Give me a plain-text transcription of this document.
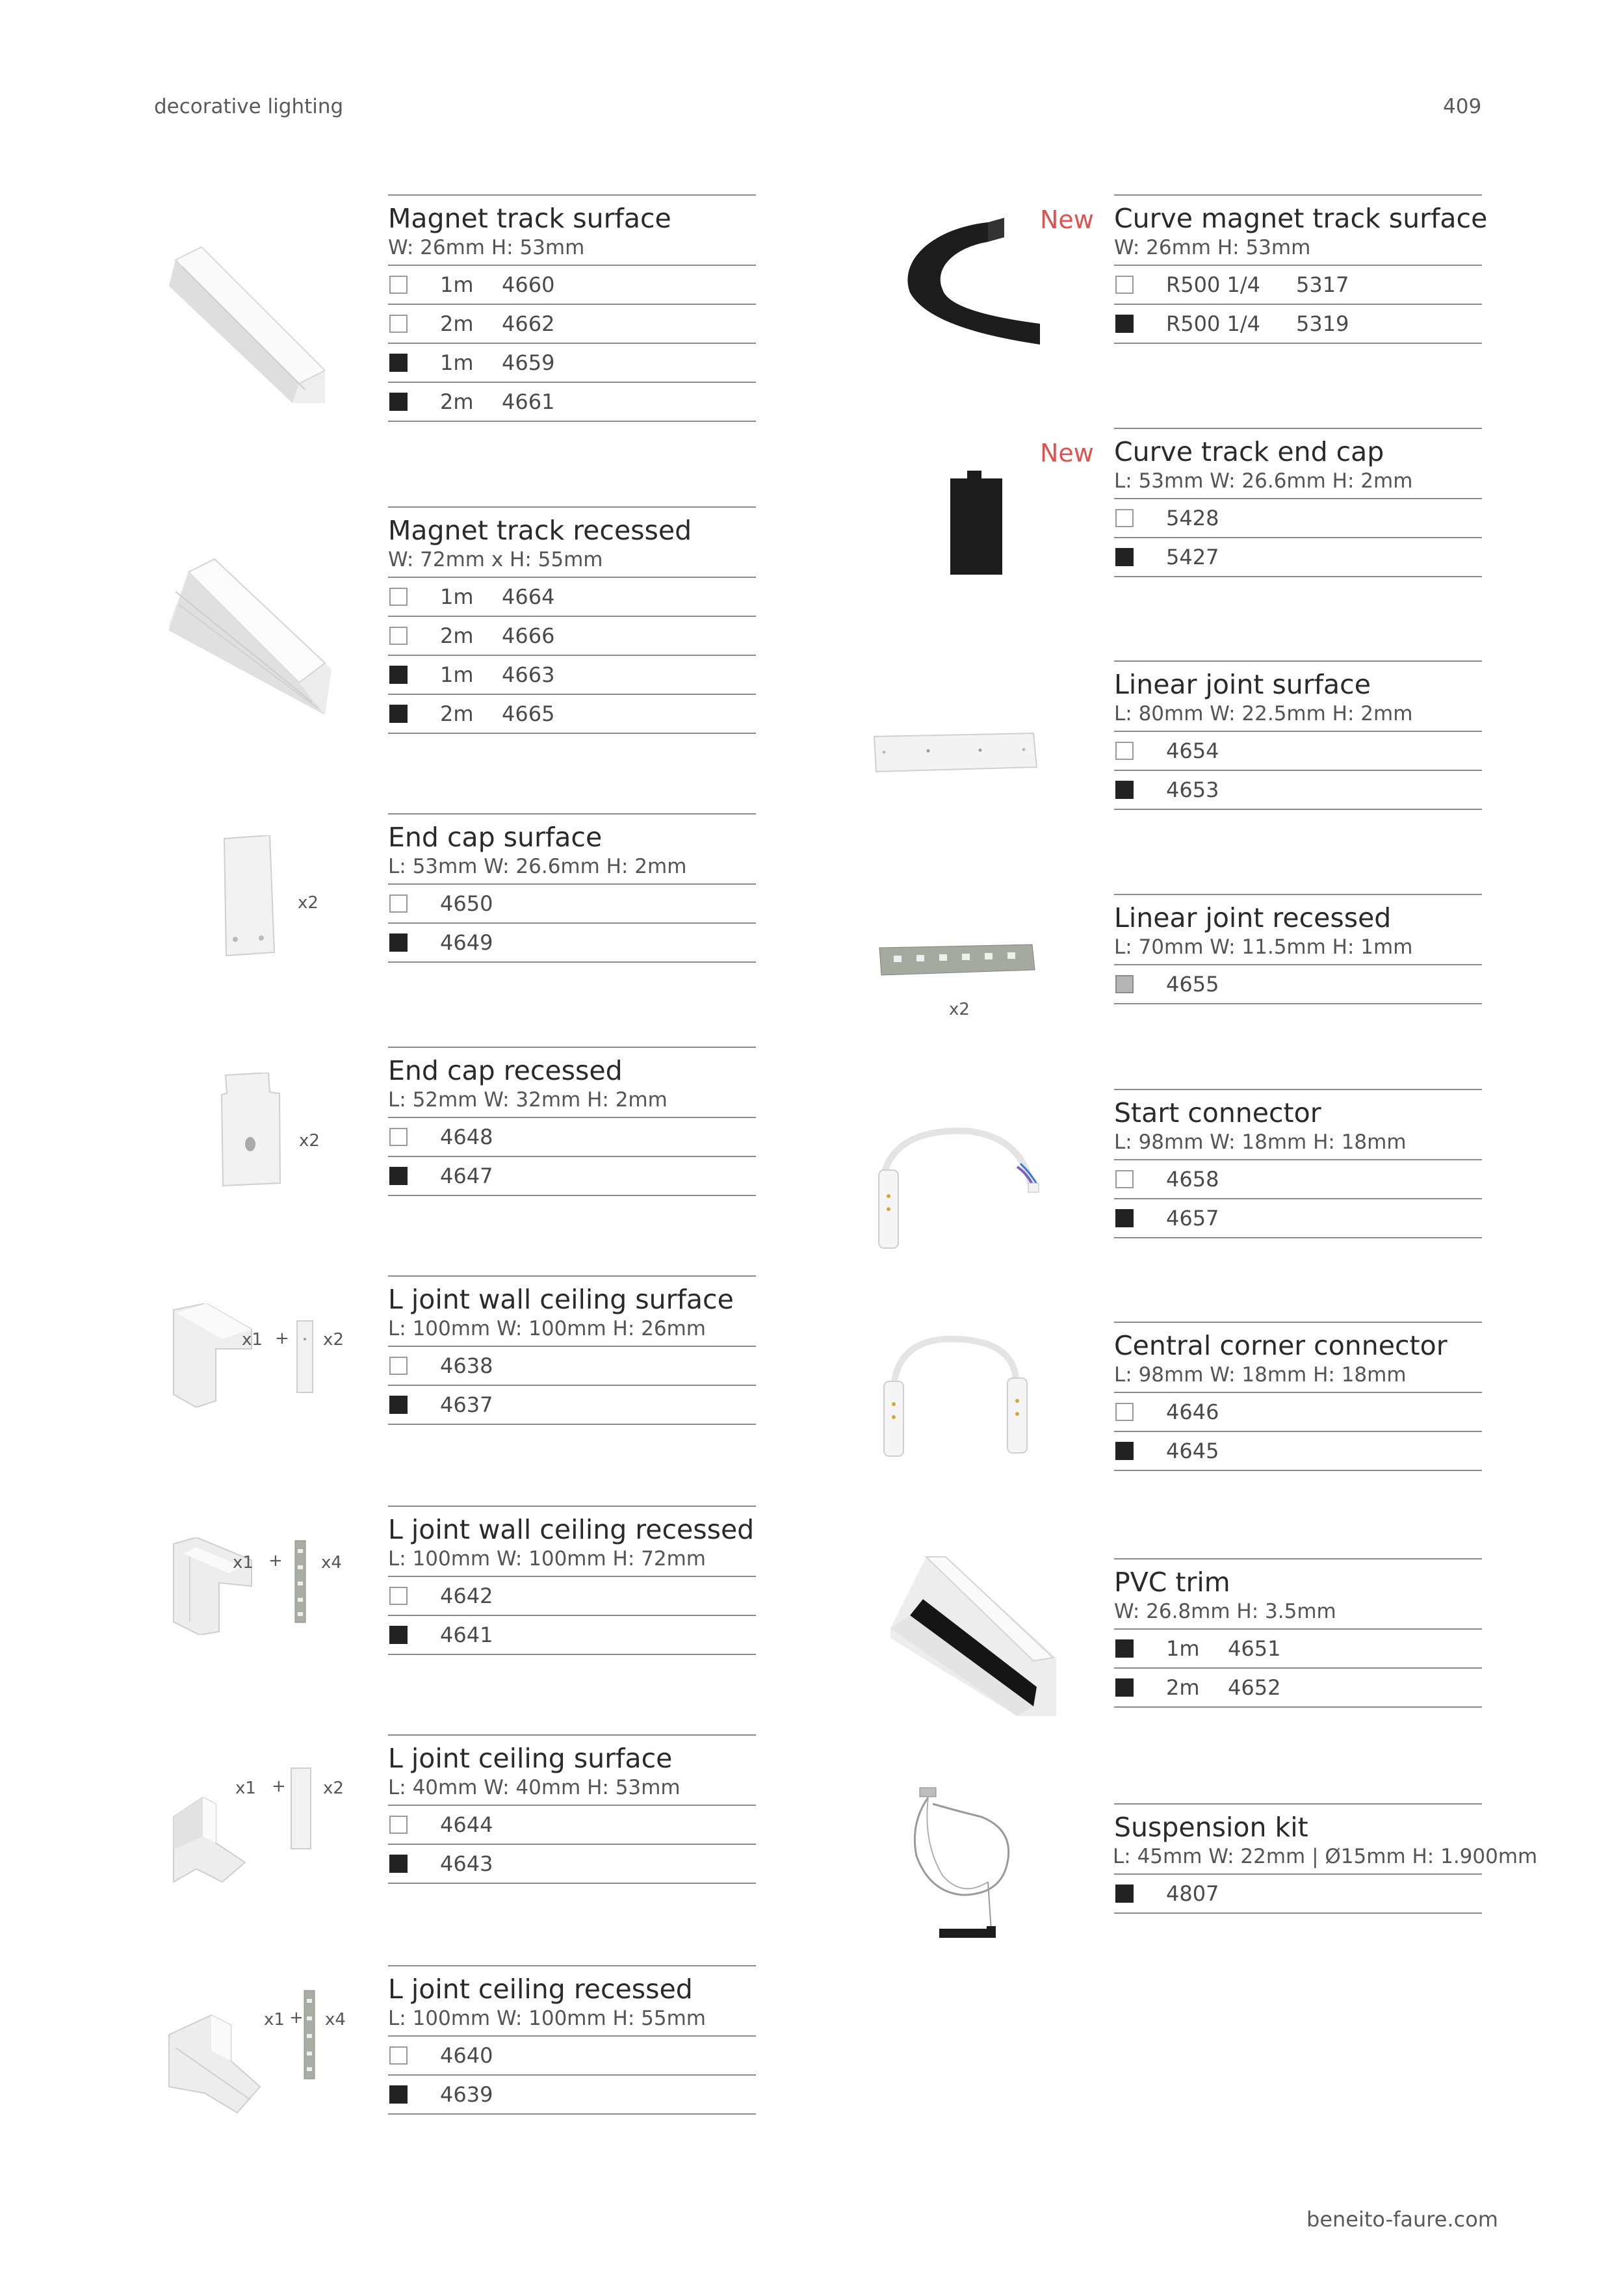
decorative lighting	409
Magnet track surface
W: 26mm H: 53mm
1m	4660
2m	4662
1m	4659
2m	4661
Magnet track recessed
W: 72mm x H: 55mm
1m	4664
2m	4666
1m	4663
2m	4665
x2
End cap surface
L: 53mm W: 26.6mm H: 2mm
4650
4649
x2
End cap recessed
L: 52mm W: 32mm H: 2mm
4648
4647
x1 + x2
L joint wall ceiling surface
L: 100mm W: 100mm H: 26mm
4638
4637
x1 + x4
L joint wall ceiling recessed
L: 100mm W: 100mm H: 72mm
4642
4641
x1 + x2
L joint ceiling surface
L: 40mm W: 40mm H: 53mm
4644
4643
x1 + x4
L joint ceiling recessed
L: 100mm W: 100mm H: 55mm
4640
4639
New Curve magnet track surface
W: 26mm H: 53mm
R500 1/4	5317
R500 1/4	5319
New Curve track end cap
L: 53mm W: 26.6mm H: 2mm
5428
5427
Linear joint surface
L: 80mm W: 22.5mm H: 2mm
4654
4653
x2
Linear joint recessed
L: 70mm W: 11.5mm H: 1mm
4655
Start connector
L: 98mm W: 18mm H: 18mm
4658
4657
Central corner connector
L: 98mm W: 18mm H: 18mm
4646
4645
PVC trim
W: 26.8mm H: 3.5mm
1m	4651
2m	4652
Suspension kit
L: 45mm W: 22mm | Ø15mm H: 1.900mm
4807
beneito-faure.com
